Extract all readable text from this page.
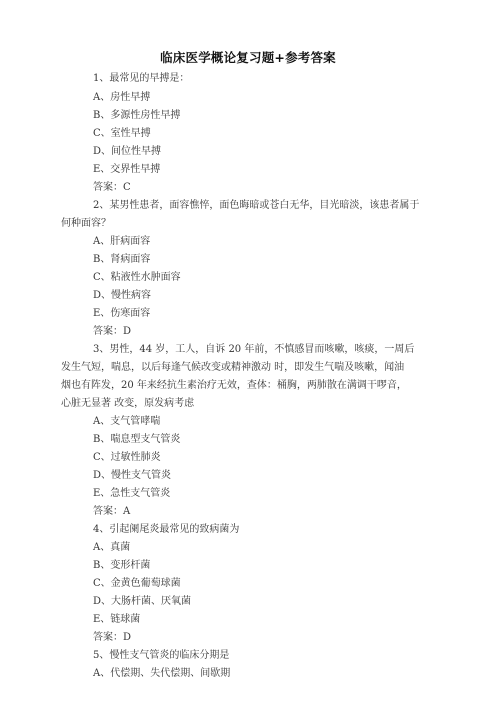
临床医学概论复习题+参考答案
1、最常见的早搏是：
A、房性早搏
B、多源性房性早搏
C、室性早搏
D、间位性早搏
E、交界性早搏
答案：C
2、某男性患者，面容憔悴，面色晦暗或苍白无华，目光暗淡，该患者属于
何种面容？
A、肝病面容
B、肾病面容
C、粘液性水肿面容
D、慢性病容
E、伤寒面容
答案：D
3、男性，44 岁，工人，自诉 20 年前，不慎感冒而咳嗽，咳痰，一周后
发生气短，喘息，以后每逢气候改变或精神激动 时，即发生气喘及咳嗽，闻油
烟也有阵发，20 年来经抗生素治疗无效，查体：桶胸，两肺散在满调干啰音，
心脏无显著 改变，原发病考虑
A、支气管哮喘
B、喘息型支气管炎
C、过敏性肺炎
D、慢性支气管炎
E、急性支气管炎
答案：A
4、引起阑尾炎最常见的致病菌为
A、真菌
B、变形杆菌
C、金黄色葡萄球菌
D、大肠杆菌、厌氧菌
E、链球菌
答案：D
5、慢性支气管炎的临床分期是
A、代偿期、失代偿期、间歇期
